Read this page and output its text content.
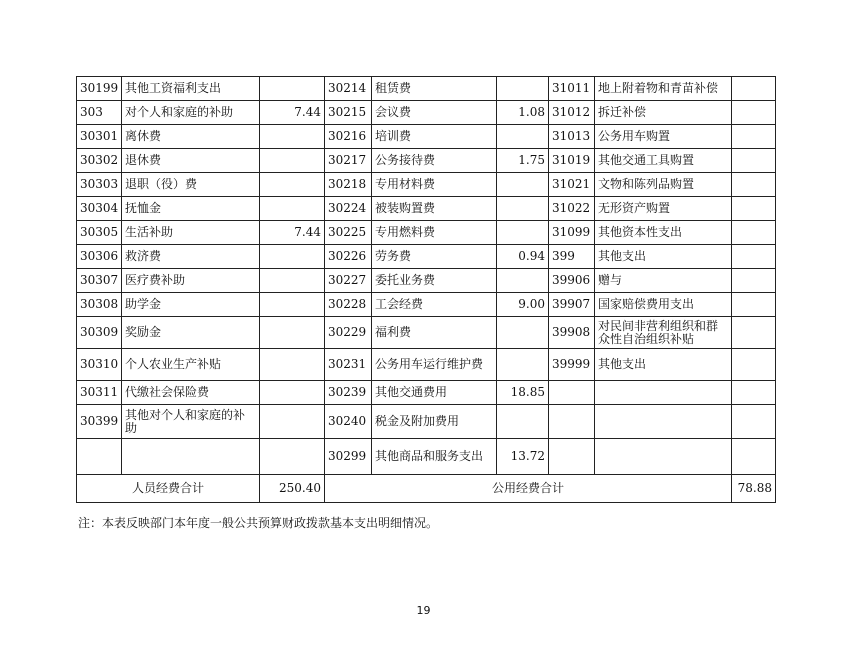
30199	其他工资福利支出		30214	租赁费		31011	地上附着物和青苗补偿	
303	对个人和家庭的补助	7.44	30215	会议费	1.08	31012	拆迁补偿	
30301	离休费		30216	培训费		31013	公务用车购置	
30302	退休费		30217	公务接待费	1.75	31019	其他交通工具购置	
30303	退职（役）费		30218	专用材料费		31021	文物和陈列品购置	
30304	抚恤金		30224	被装购置费		31022	无形资产购置	
30305	生活补助	7.44	30225	专用燃料费		31099	其他资本性支出	
30306	救济费		30226	劳务费	0.94	399	其他支出	
30307	医疗费补助		30227	委托业务费		39906	赠与	
30308	助学金		30228	工会经费	9.00	39907	国家赔偿费用支出	
30309	奖励金		30229	福利费		39908	对民间非营利组织和群众性自治组织补贴	
30310	个人农业生产补贴		30231	公务用车运行维护费		39999	其他支出	
30311	代缴社会保险费		30239	其他交通费用	18.85			
30399	其他对个人和家庭的补助		30240	税金及附加费用				
			30299	其他商品和服务支出	13.72			
人员经费合计		250.40	公用经费合计					78.88
注：本表反映部门本年度一般公共预算财政拨款基本支出明细情况。
19
